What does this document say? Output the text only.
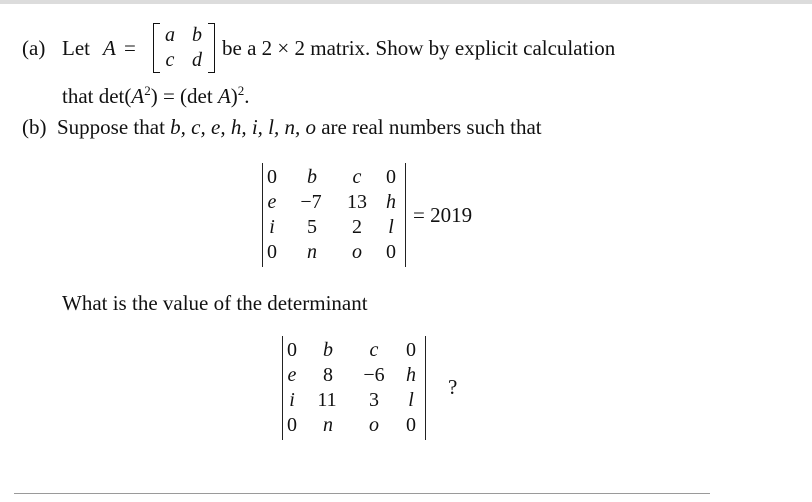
(a) Let A =
a b
c d be a 2 × 2 matrix. Show by explicit calculation
that $\det(A^2) = (\det$ A)$^2$.
(b) Suppose that b, c, e, h, i, l, n, o are real numbers such that
0	b	c	0
e	−7	13 h
i	5	2	l
0	n	o	0
= 2019
What is the value of the determinant
0	b	c	0
e	8	−6	h
i	11	3	l
0	n	o	0
?
